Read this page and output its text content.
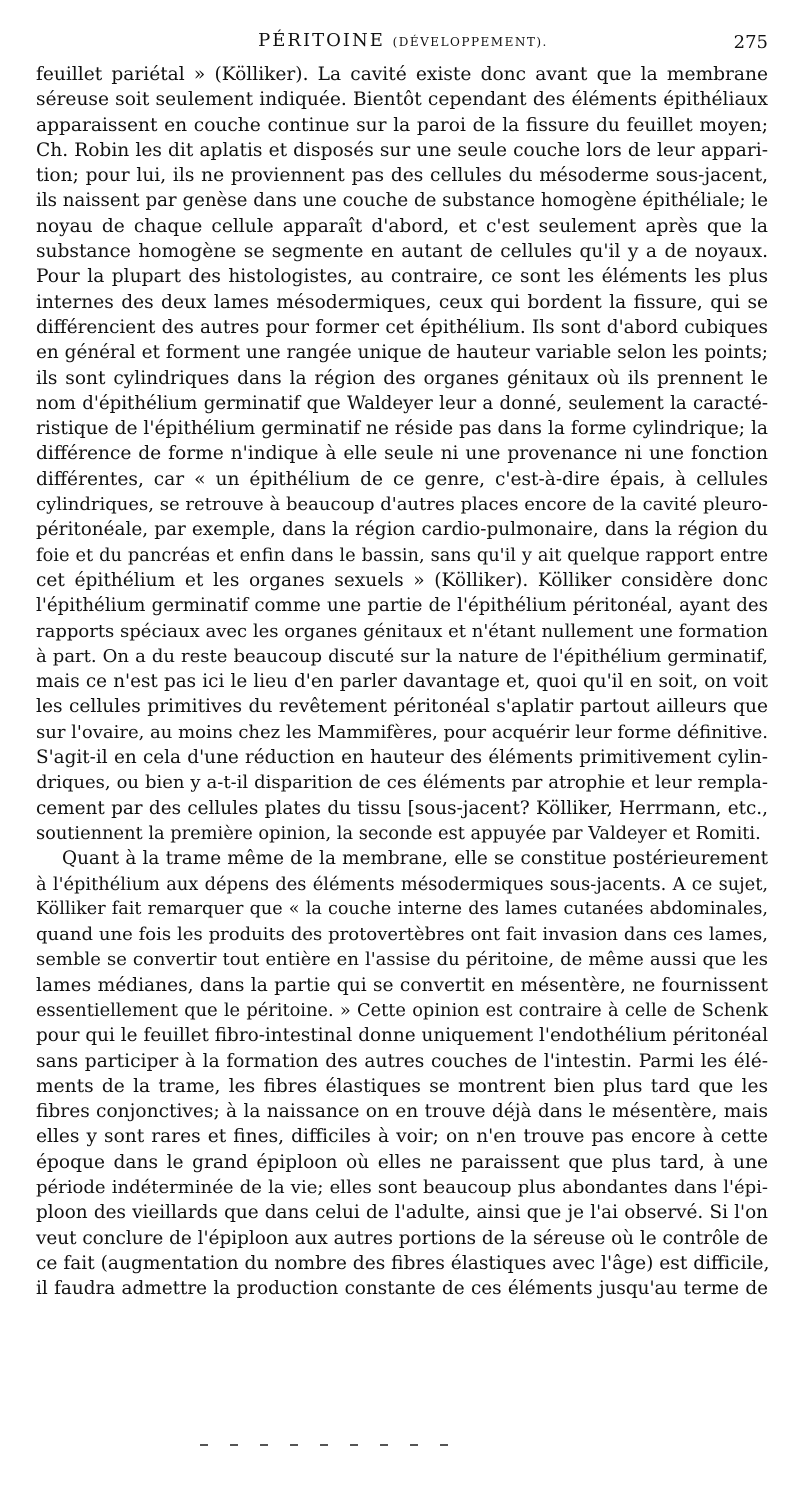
PÉRITOINE (DÉVELOPPEMENT).	275
feuillet pariétal » (Kölliker). La cavité existe donc avant que la membrane
séreuse soit seulement indiquée. Bientôt cependant des éléments épithéliaux
apparaissent en couche continue sur la paroi de la fissure du feuillet moyen;
Ch. Robin les dit aplatis et disposés sur une seule couche lors de leur appari-
tion; pour lui, ils ne proviennent pas des cellules du mésoderme sous-jacent,
ils naissent par genèse dans une couche de substance homogène épithéliale; le
noyau de chaque cellule apparaît d'abord, et c'est seulement après que la
substance homogène se segmente en autant de cellules qu'il y a de noyaux.
Pour la plupart des histologistes, au contraire, ce sont les éléments les plus
internes des deux lames mésodermiques, ceux qui bordent la fissure, qui se
différencient des autres pour former cet épithélium. Ils sont d'abord cubiques
en général et forment une rangée unique de hauteur variable selon les points;
ils sont cylindriques dans la région des organes génitaux où ils prennent le
nom d'épithélium germinatif que Waldeyer leur a donné, seulement la caracté-
ristique de l'épithélium germinatif ne réside pas dans la forme cylindrique; la
différence de forme n'indique à elle seule ni une provenance ni une fonction
différentes, car « un épithélium de ce genre, c'est-à-dire épais, à cellules
cylindriques, se retrouve à beaucoup d'autres places encore de la cavité pleuro-
péritonéale, par exemple, dans la région cardio-pulmonaire, dans la région du
foie et du pancréas et enfin dans le bassin, sans qu'il y ait quelque rapport entre
cet épithélium et les organes sexuels » (Kölliker). Kölliker considère donc
l'épithélium germinatif comme une partie de l'épithélium péritonéal, ayant des
rapports spéciaux avec les organes génitaux et n'étant nullement une formation
à part. On a du reste beaucoup discuté sur la nature de l'épithélium germinatif,
mais ce n'est pas ici le lieu d'en parler davantage et, quoi qu'il en soit, on voit
les cellules primitives du revêtement péritonéal s'aplatir partout ailleurs que
sur l'ovaire, au moins chez les Mammifères, pour acquérir leur forme définitive.
S'agit-il en cela d'une réduction en hauteur des éléments primitivement cylin-
driques, ou bien y a-t-il disparition de ces éléments par atrophie et leur rempla-
cement par des cellules plates du tissu [sous-jacent? Kölliker, Herrmann, etc.,
soutiennent la première opinion, la seconde est appuyée par Valdeyer et Romiti.
Quant à la trame même de la membrane, elle se constitue postérieurement
à l'épithélium aux dépens des éléments mésodermiques sous-jacents. A ce sujet,
Kölliker fait remarquer que « la couche interne des lames cutanées abdominales,
quand une fois les produits des protovertèbres ont fait invasion dans ces lames,
semble se convertir tout entière en l'assise du péritoine, de même aussi que les
lames médianes, dans la partie qui se convertit en mésentère, ne fournissent
essentiellement que le péritoine. » Cette opinion est contraire à celle de Schenk
pour qui le feuillet fibro-intestinal donne uniquement l'endothélium péritonéal
sans participer à la formation des autres couches de l'intestin. Parmi les élé-
ments de la trame, les fibres élastiques se montrent bien plus tard que les
fibres conjonctives; à la naissance on en trouve déjà dans le mésentère, mais
elles y sont rares et fines, difficiles à voir; on n'en trouve pas encore à cette
époque dans le grand épiploon où elles ne paraissent que plus tard, à une
période indéterminée de la vie; elles sont beaucoup plus abondantes dans l'épi-
ploon des vieillards que dans celui de l'adulte, ainsi que je l'ai observé. Si l'on
veut conclure de l'épiploon aux autres portions de la séreuse où le contrôle de
ce fait (augmentation du nombre des fibres élastiques avec l'âge) est difficile,
il faudra admettre la production constante de ces éléments jusqu'au terme de
